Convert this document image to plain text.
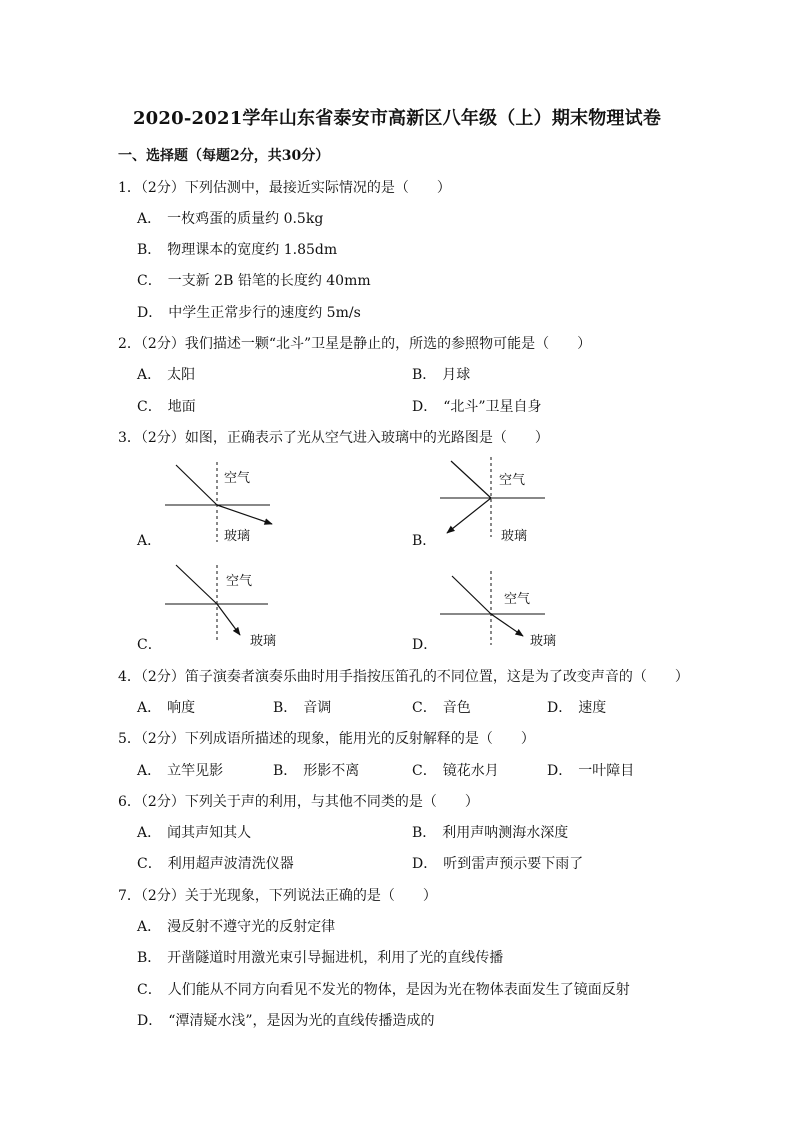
2020-2021学年山东省泰安市高新区八年级（上）期末物理试卷
一、选择题（每题2分，共30分）
1．（2分）下列估测中，最接近实际情况的是（　　）
A． 一枚鸡蛋的质量约 0.5kg
B． 物理课本的宽度约 1.85dm
C． 一支新 2B 铅笔的长度约 40mm
D． 中学生正常步行的速度约 5m/s
2．（2分）我们描述一颗“北斗”卫星是静止的，所选的参照物可能是（　　）
A． 太阳	B． 月球
C． 地面	D． “北斗”卫星自身
3．（2分）如图，正确表示了光从空气进入玻璃中的光路图是（　　）
A．
空气
玻璃	B．
空气
玻璃
C．
空气
玻璃	D．
空气
玻璃
4．（2分）笛子演奏者演奏乐曲时用手指按压笛孔的不同位置，这是为了改变声音的（　　）
A． 响度	B． 音调	C． 音色	D． 速度
5．（2分）下列成语所描述的现象，能用光的反射解释的是（　　）
A． 立竿见影	B． 形影不离	C． 镜花水月	D． 一叶障目
6．（2分）下列关于声的利用，与其他不同类的是（　　）
A． 闻其声知其人	B． 利用声呐测海水深度
C． 利用超声波清洗仪器	D． 听到雷声预示要下雨了
7．（2分）关于光现象，下列说法正确的是（　　）
A． 漫反射不遵守光的反射定律
B． 开凿隧道时用激光束引导掘进机，利用了光的直线传播
C． 人们能从不同方向看见不发光的物体，是因为光在物体表面发生了镜面反射
D． “潭清疑水浅”，是因为光的直线传播造成的
